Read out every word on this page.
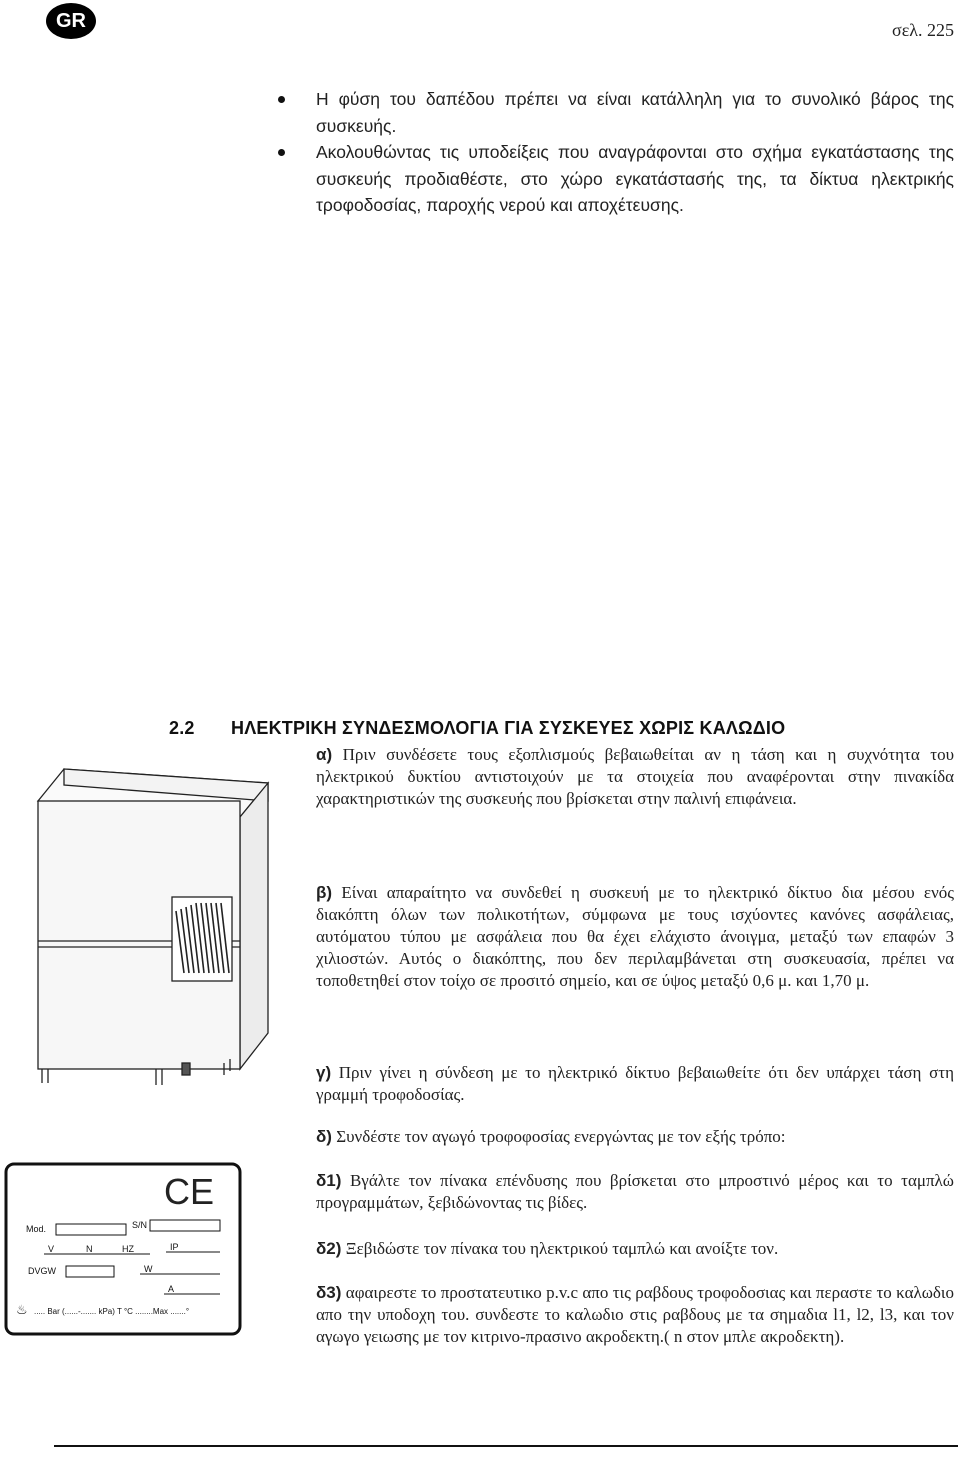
GR	σελ. 225
Η φύση του δαπέδου πρέπει να είναι κατάλληλη για το συνολικό βάρος της συσκευής.
Ακολουθώντας τις υποδείξεις που αναγράφονται στο σχήμα εγκατάστασης της συσκευής προδιαθέστε, στο χώρο εγκατάστασής της, τα δίκτυα ηλεκτρικής τροφοδοσίας, παροχής νερού και αποχέτευσης.
2.2 ΗΛΕΚΤΡΙΚΗ ΣΥΝΔΕΣΜΟΛΟΓΙΑ ΓΙΑ ΣΥΣΚΕΥΕΣ ΧΩΡΙΣ ΚΑΛΩΔΙΟ
α) Πριν συνδέσετε τους εξοπλισμούς βεβαιωθείται αν η τάση και η συχνότητα του ηλεκτρικού δυκτίου αντιστοιχούν με τα στοιχεία που αναφέρονται στην πινακίδα χαρακτηριστικών της συσκευής που βρίσκεται στην παλινή επιφάνεια.
β) Είναι απαραίτητο να συνδεθεί η συσκευή με το ηλεκτρικό δίκτυο δια μέσου ενός διακόπτη όλων των πολικοτήτων, σύμφωνα με τους ισχύοντες κανόνες ασφάλειας, αυτόματου τύπου με ασφάλεια που θα έχει ελάχιστο άνοιγμα, μεταξύ των επαφών 3 χιλιοστών. Αυτός ο διακόπτης, που δεν περιλαμβάνεται στη συσκευασία, πρέπει να τοποθετηθεί στον τοίχο σε προσιτό σημείο, και σε ύψος μεταξύ 0,6 μ. και 1,70 μ.
γ) Πριν γίνει η σύνδεση με το ηλεκτρικό δίκτυο βεβαιωθείτε ότι δεν υπάρχει τάση στη γραμμή τροφοδοσίας.
δ) Συνδέστε τον αγωγό τροφοφοσίας ενεργώντας με τον εξής τρόπο:
δ1) Βγάλτε τον πίνακα επένδυσης που βρίσκεται στο μπροστινό μέρος και το ταμπλώ προγραμμάτων, ξεβιδώνοντας τις βίδες.
δ2) Ξεβιδώστε τον πίνακα του ηλεκτρικού ταμπλώ και ανοίξτε τον.
δ3) αφαιρεστε το προστατευτικο p.v.c απο τις ραβδους τροφοδοσιας και περαστε το καλωδιο απο την υποδοχη του. συνδεστε το καλωδιο στις ραβδους με τα σημαδια l1, l2, l3, και τον αγωγο γειωσης με τον κιτρινο-πρασινο ακροδεκτη.( n στον μπλε ακροδεκτη).
CE
Mod.	S/N
V	N	HZ	IP
DVGW	W
A
♨ ..... Bar (......-....... kPa) T °C ........Max .......°
